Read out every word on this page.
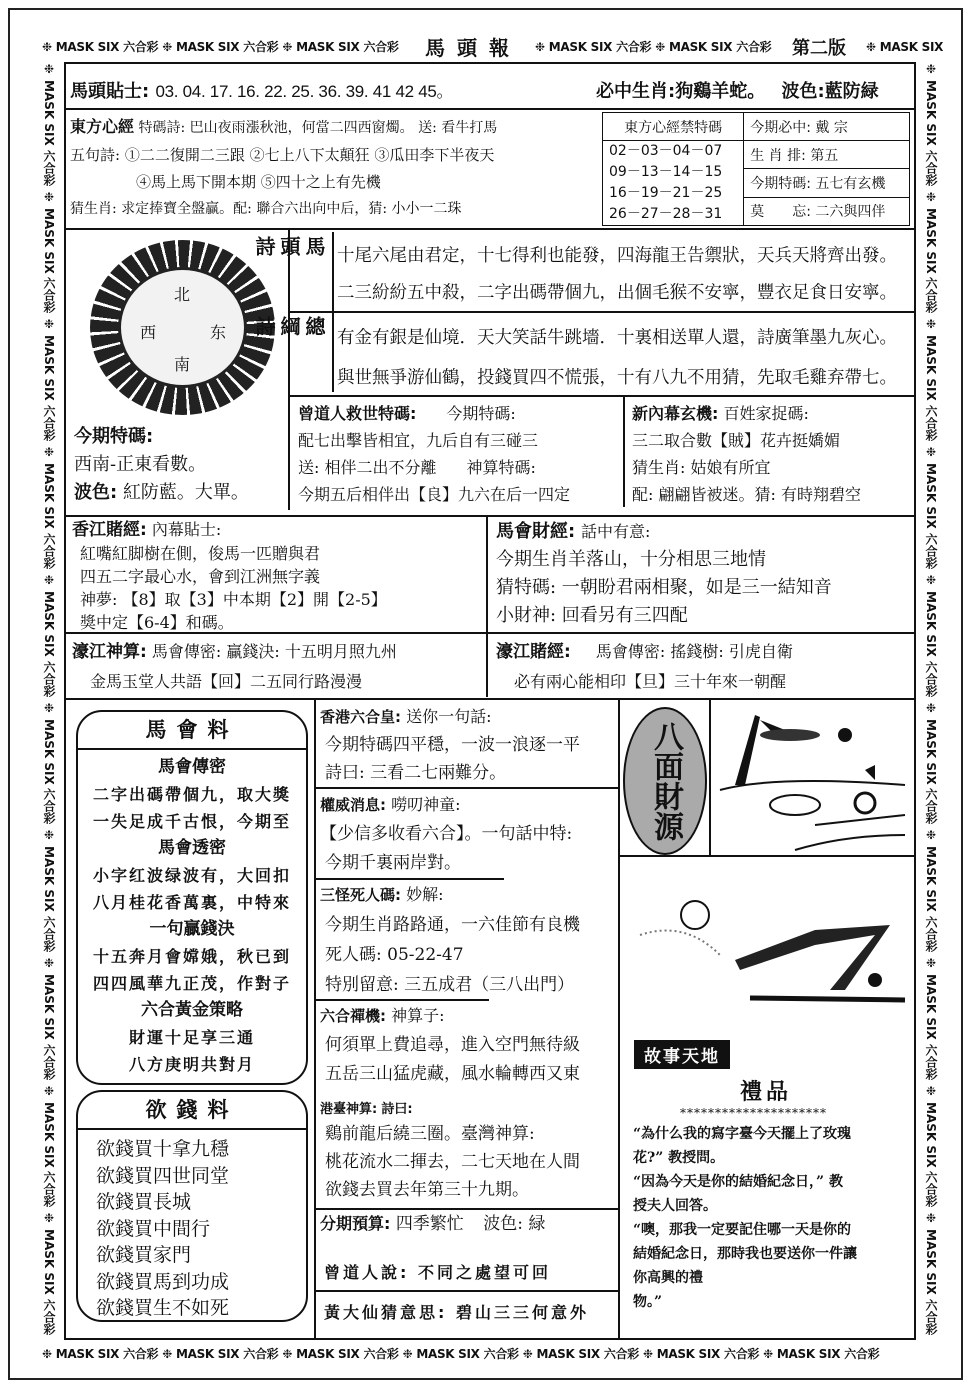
❉ MASK SIX 六合彩 ❉ MASK SIX 六合彩 ❉ MASK SIX 六合彩 馬頭報 ❉ MASK SIX 六合彩 ❉ MASK SIX 六合彩 第二版 ❉ MASK SIX
❉MASK SIX六合彩❉MASK SIX六合彩❉MASK SIX六合彩❉MASK SIX六合彩❉MASK SIX六合彩❉MASK SIX六合彩❉MASK SIX六合彩❉MASK SIX六合彩❉MASK SIX六合彩❉MASK SIX六合彩
❉MASK SIX六合彩❉MASK SIX六合彩❉MASK SIX六合彩❉MASK SIX六合彩❉MASK SIX六合彩❉MASK SIX六合彩❉MASK SIX六合彩❉MASK SIX六合彩❉MASK SIX六合彩❉MASK SIX六合彩
❉ MASK SIX 六合彩 ❉ MASK SIX 六合彩 ❉ MASK SIX 六合彩 ❉ MASK SIX 六合彩 ❉ MASK SIX 六合彩 ❉ MASK SIX 六合彩 ❉ MASK SIX 六合彩
馬頭貼士: 03. 04. 17. 16. 22. 25. 36. 39. 41 42 45。	必中生肖:狗鷄羊蛇。 波色:藍防緑
東方心經 特碼詩: 巴山夜雨漲秋池，何當二四西窗燭。 送: 看牛打馬
五句詩: ①二二復開二三跟 ②七上八下太顛狂 ③瓜田李下半夜天
④馬上馬下開本期 ⑤四十之上有先機
猜生肖: 求定捧寶全盤贏。配: 聯合六出向中后，猜: 小小一二珠
東方心經禁特碼	今期必中: 戴 宗

02－03－04－07
09－13－14－15
16－19－21－25
26－27－28－31	生 肖 排: 第五
	今期特碼: 五七有玄機
	莫　　忘: 二六與四伴
北
西	东
南
今期特碼:
西南-正東看數。
波色: 紅防藍。大單。
馬頭詩	十尾六尾由君定，十七得利也能發，四海龍王告禦狀，天兵天將齊出發。
二三紛紛五中殺，二字出碼帶個九，出個毛猴不安寧，豐衣足食日安寧。
總綱詩	有金有銀是仙境．天大笑話牛跳墻．十裏相送單人還，詩廣筆墨九灰心。
與世無爭游仙鶴，投錢買四不慌張，十有八九不用猜，先取毛雞弃帶七。
曾道人救世特碼: 今期特碼:
配七出擊皆相宜，九后自有三碰三
送: 相伴二出不分離 神算特碼:
今期五后相伴出【良】九六在后一四定
新內幕玄機: 百姓家捉碼:
三二取合數【賊】花卉挺嬌媚
猜生肖: 姑娘有所宜
配: 翩翩皆被迷。猜: 有時翔碧空
香江賭經: 內幕貼士:
紅嘴紅脚樹在側，俊馬一匹贈與君
四五二字最心水，會到江洲無字義
神夢: 【8】取【3】中本期【2】開【2-5】
獎中定【6-4】和碼。
馬會財經: 話中有意:
今期生肖羊落山，十分相思三地情
猜特碼: 一朝盼君兩相聚，如是三一結知音
小財神: 回看另有三四配
濠江神算: 馬會傳密: 贏錢決: 十五明月照九州
金馬玉堂人共語【回】二五同行路漫漫
濠江賭經: 馬會傳密: 搖錢樹: 引虎自衛
必有兩心能相印【旦】三十年來一朝醒
馬會料
馬會傳密
二字出碼帶個九，取大獎
一失足成千古恨，今期至
馬會透密
小字红波绿波有，大回扣
八月桂花香萬裏，中特來
一句贏錢決
十五奔月會嫦娥，秋已到
四四風華九正茂，作對子
六合黃金策略
財運十足享三通
八方庚明共對月
欲錢料
欲錢買十拿九穩
欲錢買四世同堂
欲錢買長城
欲錢買中間行
欲錢買家門
欲錢買馬到功成
欲錢買生不如死
香港六合皇: 送你一句話:
今期特碼四平穩，一波一浪逐一平
詩曰: 三看二七兩難分。
權威消息: 嘮叨神童:
【少信多收看六合】。一句話中特:
今期千裏兩岸對。
三怪死人碼: 妙解:
今期生肖路路通，一六佳節有良機
死人碼: 05-22-47
特別留意: 三五成君（三八出門）
六合禪機: 神算子:
何須單上費追尋，進入空門無待級
五岳三山猛虎藏，風水輪轉西又東
港臺神算: 詩曰:
鷄前龍后繞三圈。臺灣神算:
桃花流水二揮去，二七天地在人間
欲錢去買去年第三十九期。
分期預算: 四季繁忙 波色: 緑
曾道人說: 不同之處望可回
黃大仙猜意思: 碧山三三何意外
八面財源
故事天地
禮品
*********************
“為什么我的寫字臺今天擺上了玫瑰
花?” 教授問。
“因為今天是你的結婚紀念日，” 教
授夫人回答。
“噢，那我一定要記住哪一天是你的
結婚紀念日，那時我也要送你一件讓
你高興的禮
物。”
